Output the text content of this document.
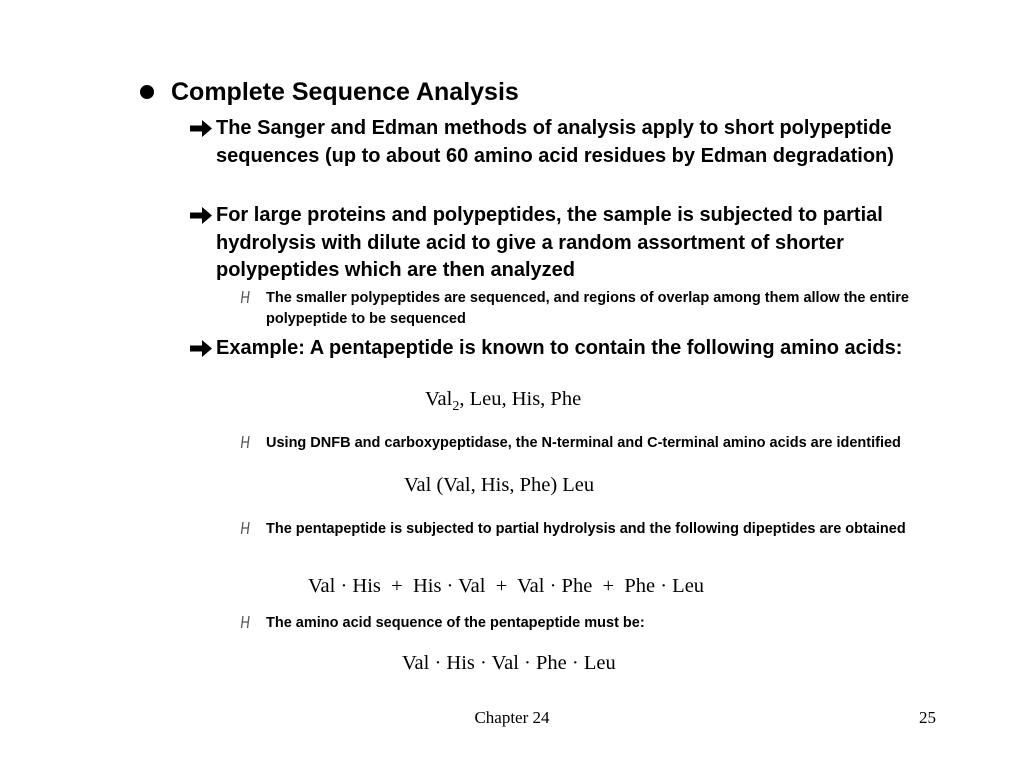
Complete Sequence Analysis
The Sanger and Edman methods of analysis apply to short polypeptide sequences (up to about 60 amino acid residues by Edman degradation)
For large proteins and polypeptides, the sample is subjected to partial hydrolysis with dilute acid to give a random assortment of shorter polypeptides which are then analyzed
The smaller polypeptides are sequenced, and regions of overlap among them allow the entire polypeptide to be sequenced
Example: A pentapeptide is known to contain the following amino acids:
Val$_2$, Leu, His, Phe
Using DNFB and carboxypeptidase, the N-terminal and C-terminal amino acids are identified
Val (Val, His, Phe) Leu
The pentapeptide is subjected to partial hydrolysis and the following dipeptides are obtained
Val · His  +  His · Val  +  Val · Phe  +  Phe · Leu
The amino acid sequence of the pentapeptide must be:
Val · His · Val · Phe · Leu
Chapter 24	25
